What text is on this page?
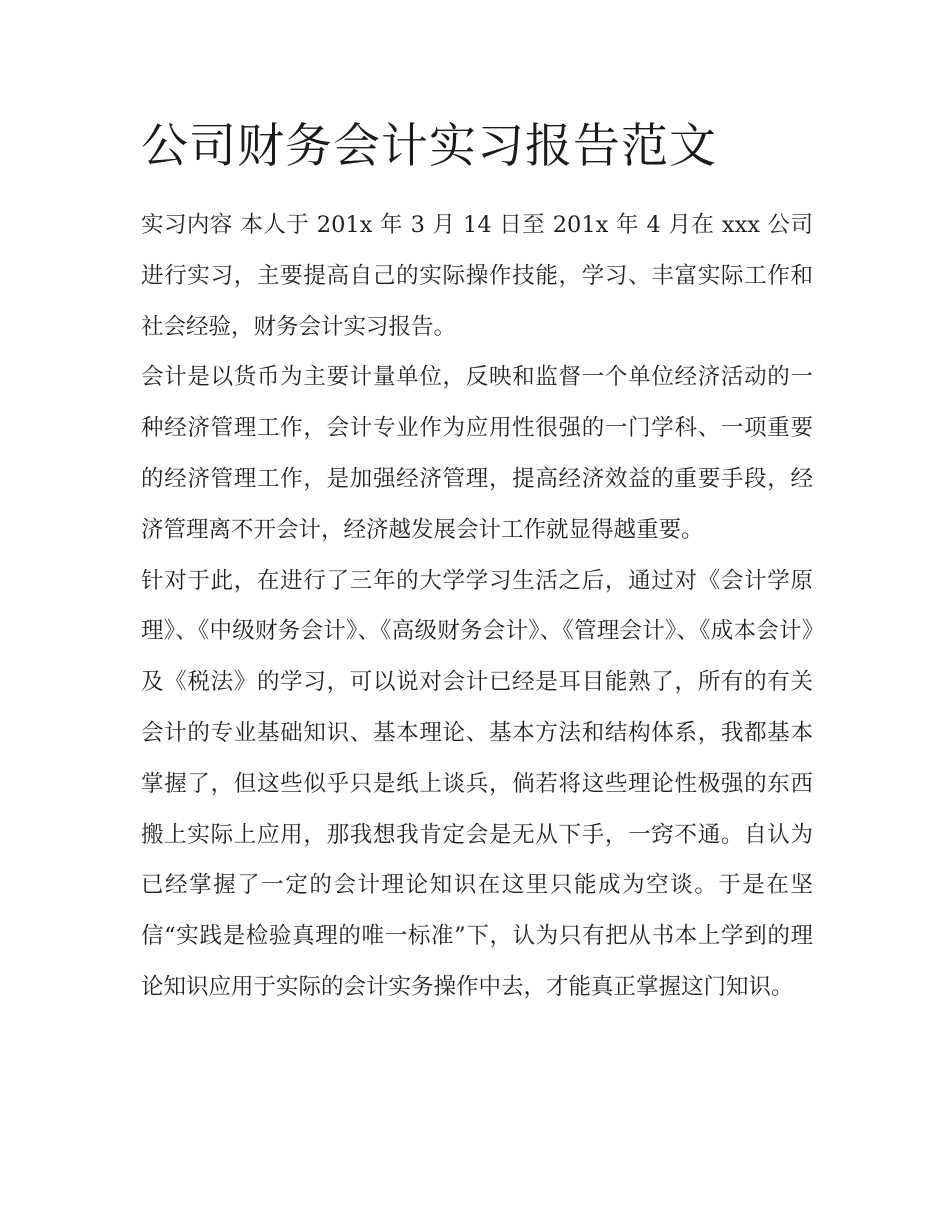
公司财务会计实习报告范文

实习内容 本人于 201x 年 3 月 14 日至 201x 年 4 月在 xxx 公司进行实习，主要提高自己的实际操作技能，学习、丰富实际工作和社会经验，财务会计实习报告。

会计是以货币为主要计量单位，反映和监督一个单位经济活动的一种经济管理工作，会计专业作为应用性很强的一门学科、一项重要的经济管理工作，是加强经济管理，提高经济效益的重要手段，经济管理离不开会计，经济越发展会计工作就显得越重要。

针对于此，在进行了三年的大学学习生活之后，通过对《会计学原理》、《中级财务会计》、《高级财务会计》、《管理会计》、《成本会计》及《税法》的学习，可以说对会计已经是耳目能熟了，所有的有关会计的专业基础知识、基本理论、基本方法和结构体系，我都基本掌握了，但这些似乎只是纸上谈兵，倘若将这些理论性极强的东西搬上实际上应用，那我想我肯定会是无从下手，一窍不通。自认为已经掌握了一定的会计理论知识在这里只能成为空谈。于是在坚信“实践是检验真理的唯一标准”下，认为只有把从书本上学到的理论知识应用于实际的会计实务操作中去，才能真正掌握这门知识。
